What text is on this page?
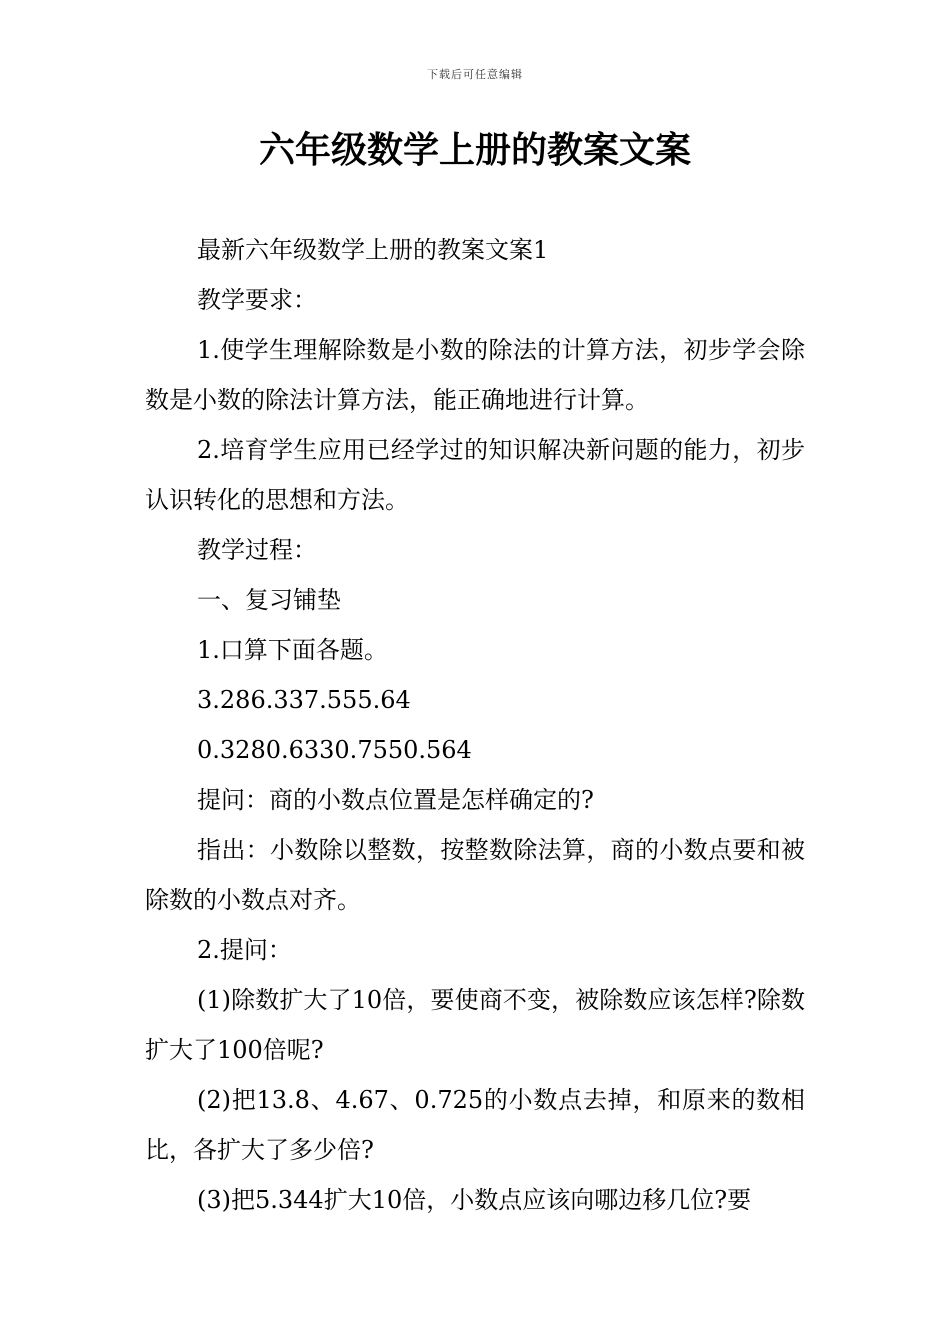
下载后可任意编辑
六年级数学上册的教案文案

最新六年级数学上册的教案文案1

教学要求：

1.使学生理解除数是小数的除法的计算方法，初步学会除数是小数的除法计算方法，能正确地进行计算。

2.培育学生应用已经学过的知识解决新问题的能力，初步认识转化的思想和方法。

教学过程：

一、复习铺垫

1.口算下面各题。

3.286.337.555.64

0.3280.6330.7550.564

提问：商的小数点位置是怎样确定的?

指出：小数除以整数，按整数除法算，商的小数点要和被除数的小数点对齐。

2.提问：

(1)除数扩大了10倍，要使商不变，被除数应该怎样?除数扩大了100倍呢?

(2)把13.8、4.67、0.725的小数点去掉，和原来的数相比，各扩大了多少倍?

(3)把5.344扩大10倍，小数点应该向哪边移几位?要
